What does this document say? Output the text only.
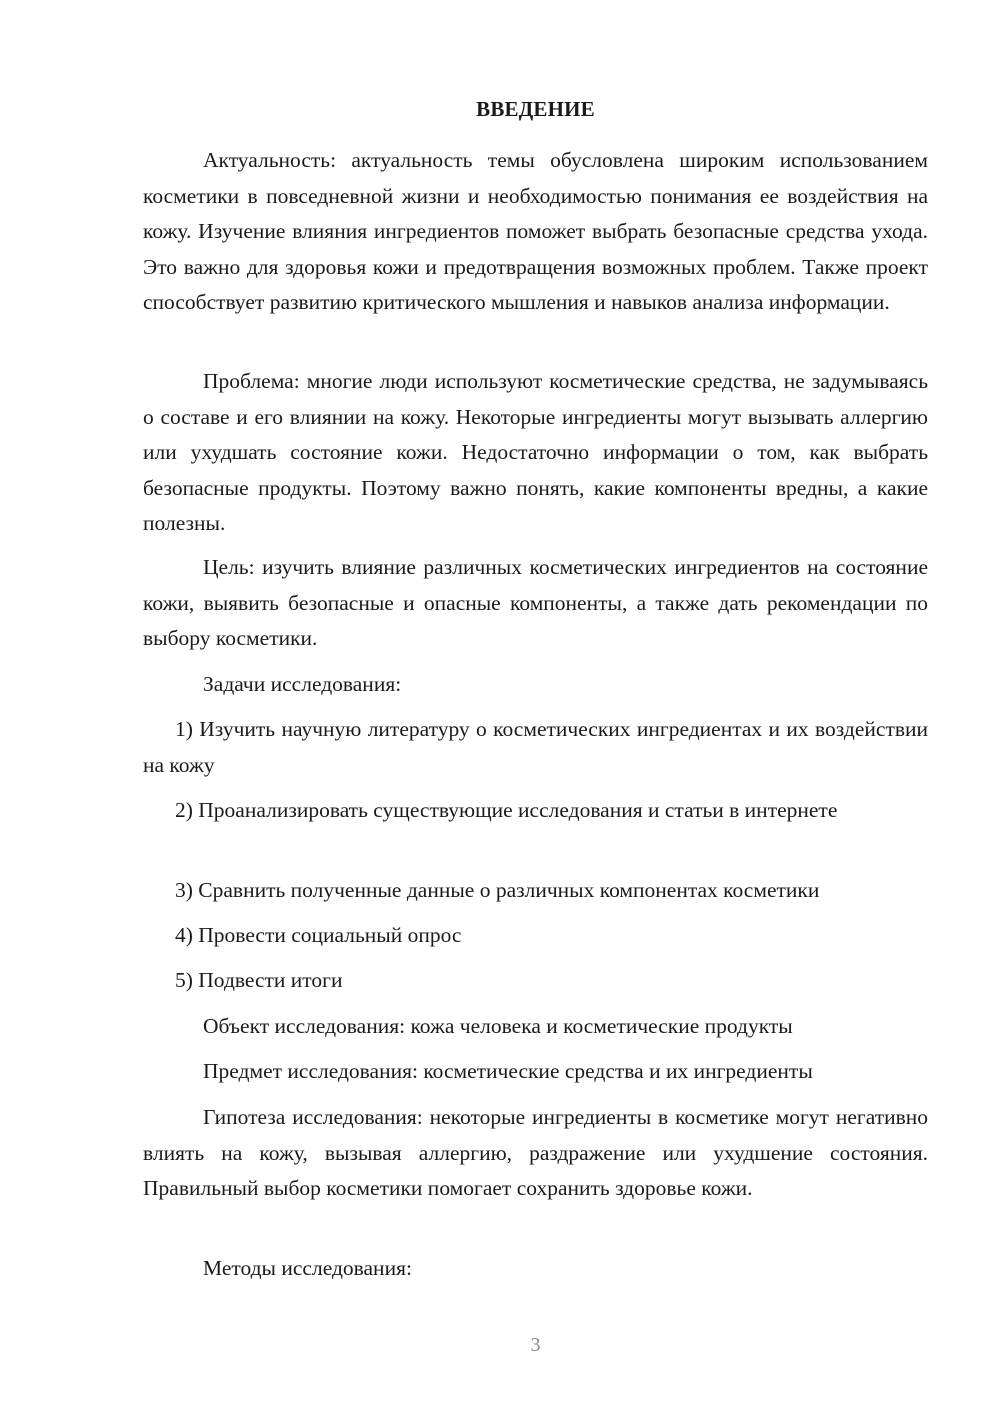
ВВЕДЕНИЕ

Актуальность: актуальность темы обусловлена широким использованием косметики в повседневной жизни и необходимостью понимания ее воздействия на кожу. Изучение влияния ингредиентов поможет выбрать безопасные средства ухода. Это важно для здоровья кожи и предотвращения возможных проблем. Также проект способствует развитию критического мышления и навыков анализа информации.

Проблема: многие люди используют косметические средства, не задумываясь о составе и его влиянии на кожу. Некоторые ингредиенты могут вызывать аллергию или ухудшать состояние кожи. Недостаточно информации о том, как выбрать безопасные продукты. Поэтому важно понять, какие компоненты вредны, а какие полезны.

Цель: изучить влияние различных косметических ингредиентов на состояние кожи, выявить безопасные и опасные компоненты, а также дать рекомендации по выбору косметики.

Задачи исследования:

1) Изучить научную литературу о косметических ингредиентах и их воздействии на кожу

2) Проанализировать существующие исследования и статьи в интернете

3) Сравнить полученные данные о различных компонентах косметики

4) Провести социальный опрос

5) Подвести итоги

Объект исследования: кожа человека и косметические продукты

Предмет исследования: косметические средства и их ингредиенты

Гипотеза исследования: некоторые ингредиенты в косметике могут негативно влиять на кожу, вызывая аллергию, раздражение или ухудшение состояния. Правильный выбор косметики помогает сохранить здоровье кожи.

Методы исследования:

3
